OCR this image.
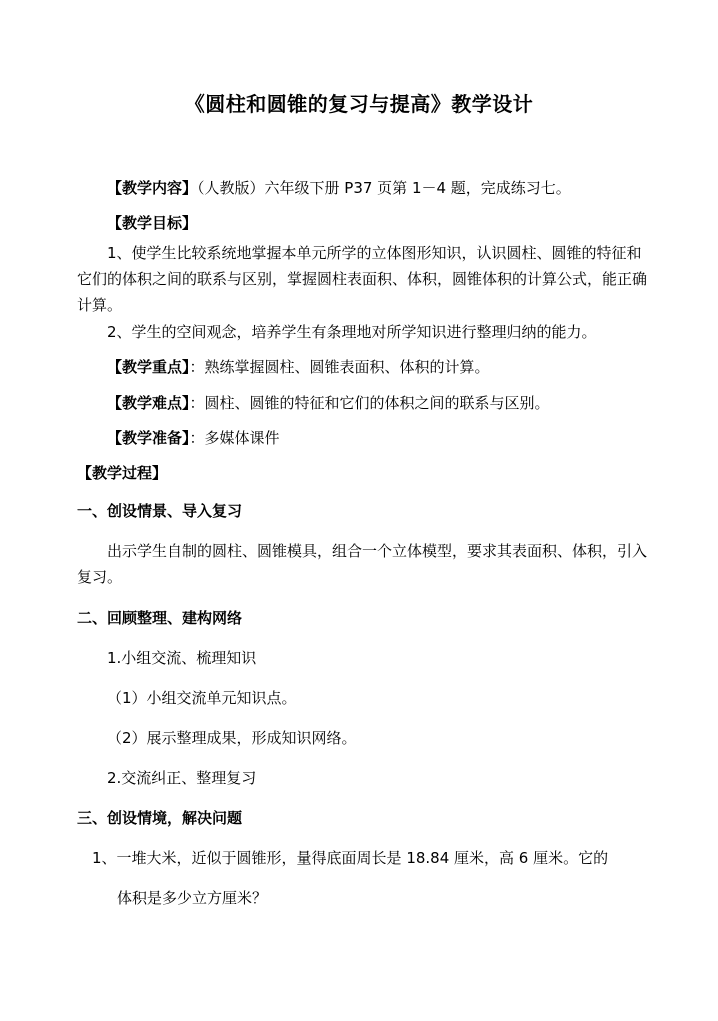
《圆柱和圆锥的复习与提高》教学设计
【教学内容】（人教版）六年级下册 P37 页第 1－4 题，完成练习七。
【教学目标】
1、使学生比较系统地掌握本单元所学的立体图形知识，认识圆柱、圆锥的特征和它们的体积之间的联系与区别，掌握圆柱表面积、体积，圆锥体积的计算公式，能正确计算。
2、学生的空间观念，培养学生有条理地对所学知识进行整理归纳的能力。
【教学重点】：熟练掌握圆柱、圆锥表面积、体积的计算。
【教学难点】：圆柱、圆锥的特征和它们的体积之间的联系与区别。
【教学准备】：多媒体课件
【教学过程】
一、创设情景、导入复习
出示学生自制的圆柱、圆锥模具，组合一个立体模型，要求其表面积、体积，引入复习。
二、回顾整理、建构网络
1.小组交流、梳理知识
（1）小组交流单元知识点。
（2）展示整理成果，形成知识网络。
2.交流纠正、整理复习
三、创设情境，解决问题
1、一堆大米，近似于圆锥形，量得底面周长是 18.84 厘米，高 6 厘米。它的
体积是多少立方厘米？
